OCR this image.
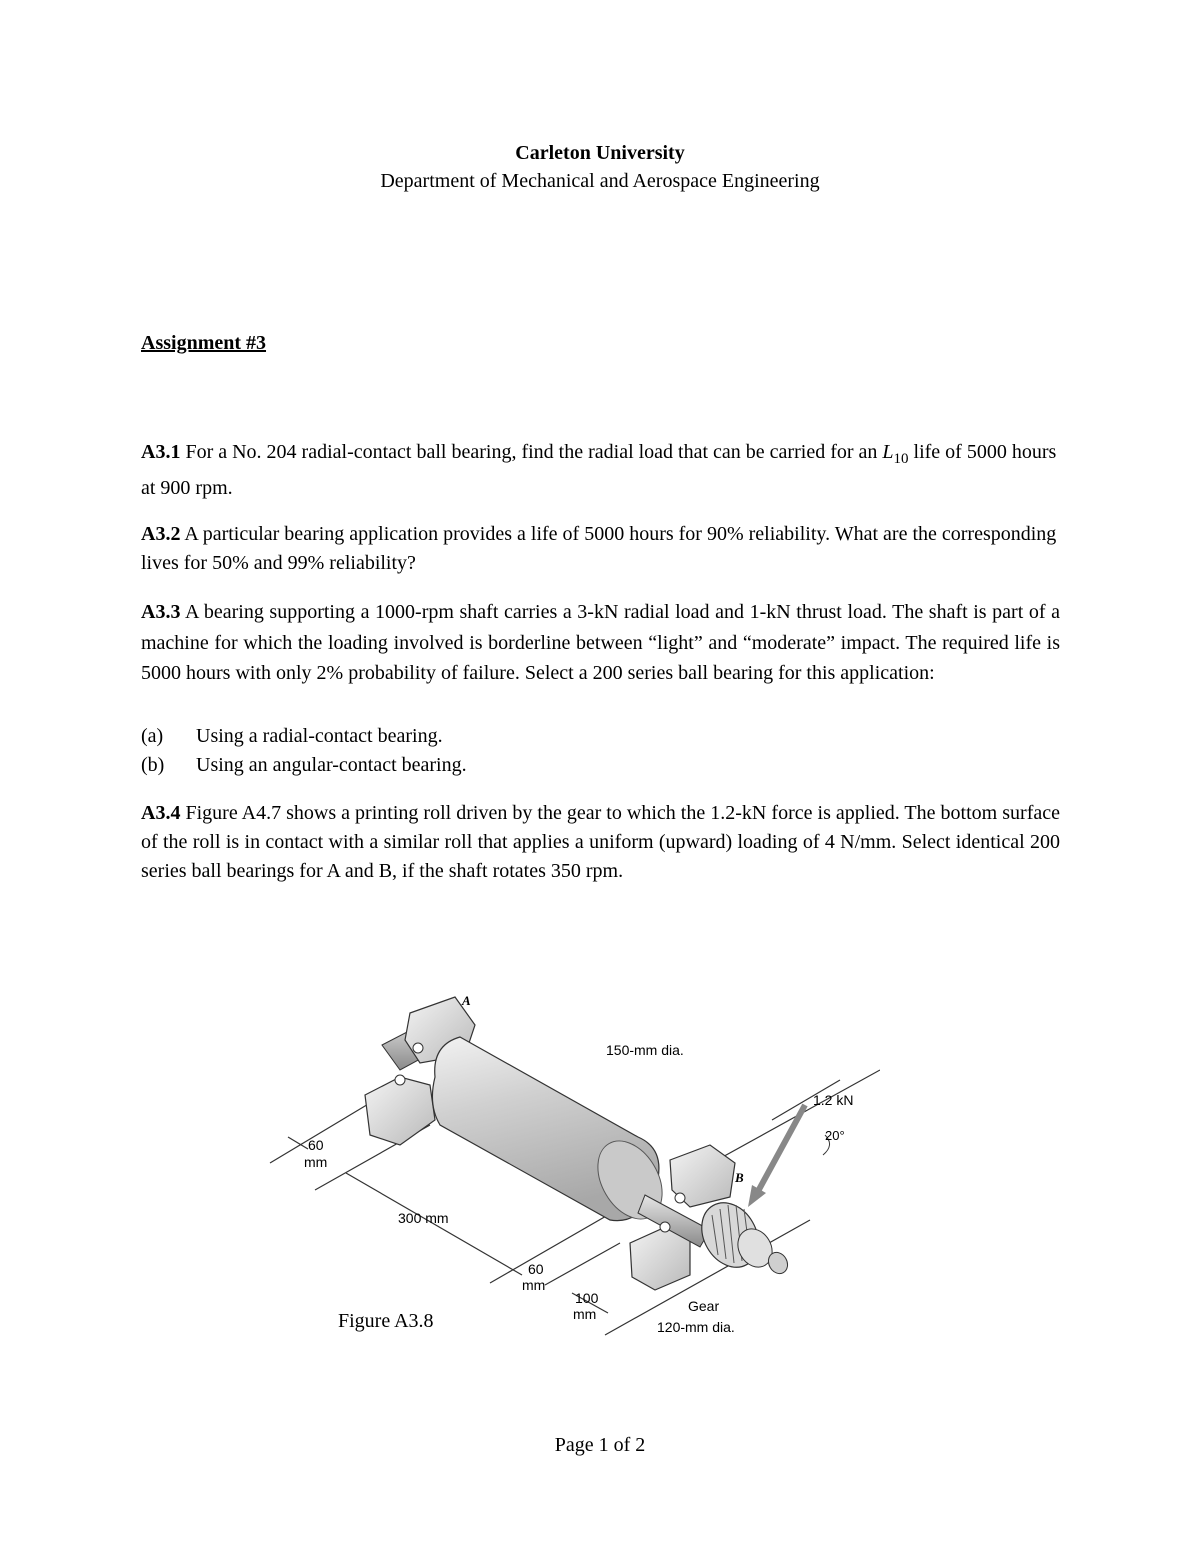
Carleton University
Department of Mechanical and Aerospace Engineering
Assignment #3
A3.1 For a No. 204 radial-contact ball bearing, find the radial load that can be carried for an $L_{10}$ life of 5000 hours at 900 rpm.
A3.2 A particular bearing application provides a life of 5000 hours for 90% reliability. What are the corresponding lives for 50% and 99% reliability?
A3.3 A bearing supporting a 1000-rpm shaft carries a 3-kN radial load and 1-kN thrust load. The shaft is part of a machine for which the loading involved is borderline between “light” and “moderate” impact. The required life is 5000 hours with only 2% probability of failure. Select a 200 series ball bearing for this application:
(a) Using a radial-contact bearing.
(b) Using an angular-contact bearing.
A3.4 Figure A4.7 shows a printing roll driven by the gear to which the 1.2-kN force is applied. The bottom surface of the roll is in contact with a similar roll that applies a uniform (upward) loading of 4 N/mm. Select identical 200 series ball bearings for A and B, if the shaft rotates 350 rpm.
A
B
150-mm dia.
1.2 kN
20°
60
mm
300 mm
60
mm
100
mm	Gear
120-mm dia.
Figure A3.8
Page 1 of 2
